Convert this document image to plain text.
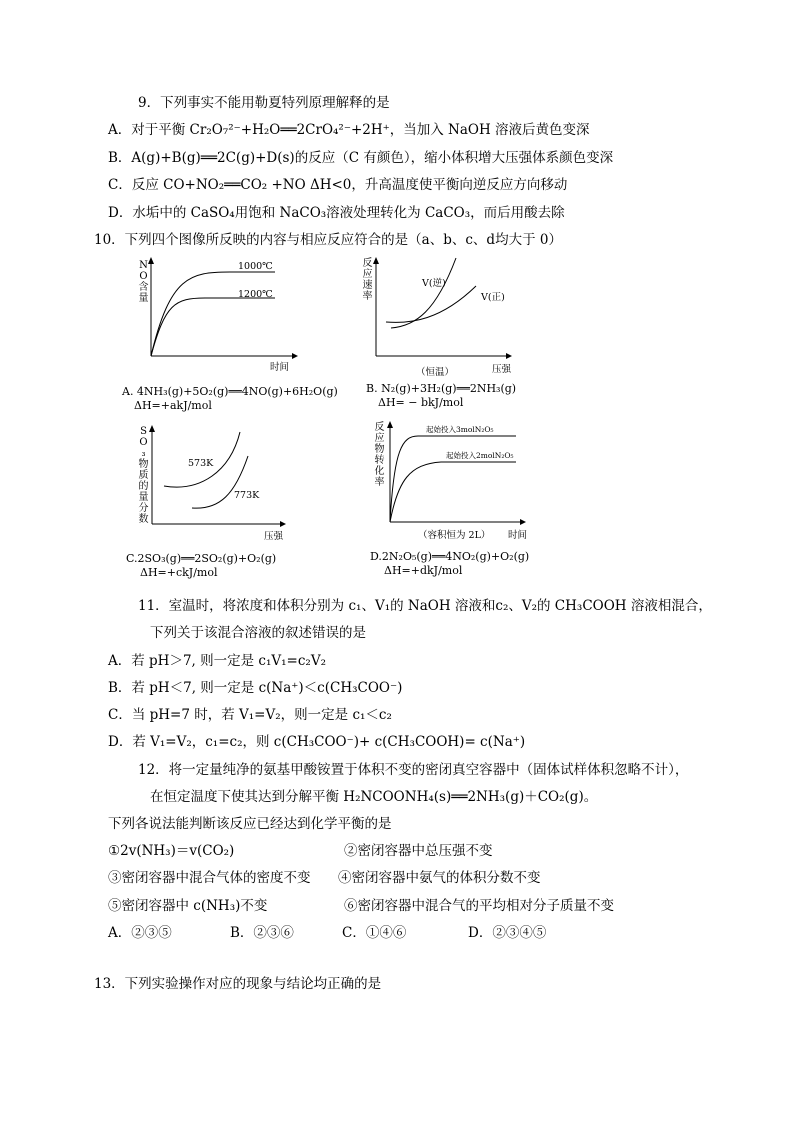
9．下列事实不能用勒夏特列原理解释的是
A．对于平衡 Cr₂O₇²⁻+H₂O══2CrO₄²⁻+2H⁺，当加入 NaOH 溶液后黄色变深
B．A(g)+B(g)══2C(g)+D(s)的反应（C 有颜色），缩小体积增大压强体系颜色变深
C．反应 CO+NO₂══CO₂ +NO ΔH<0，升高温度使平衡向逆反应方向移动
D．水垢中的 CaSO₄用饱和 NaCO₃溶液处理转化为 CaCO₃，而后用酸去除
10．下列四个图像所反映的内容与相应反应符合的是（a、b、c、d均大于 0）
NO含量
1000℃
1200℃
时间
A. 4NH₃(g)+5O₂(g)══4NO(g)+6H₂O(g)
ΔH=+akJ/mol
反应速率
V(逆)
V(正)
（恒温）	压强
B. N₂(g)+3H₂(g)══2NH₃(g)
ΔH= − bkJ/mol
SO₃物质的量分数
573K
773K
压强
C.2SO₃(g)══2SO₂(g)+O₂(g)
ΔH=+ckJ/mol
反应物转化率
起始投入3molN₂O₅
起始投入2molN₂O₅
（容积恒为 2L） 时间
D.2N₂O₅(g)══4NO₂(g)+O₂(g)
ΔH=+dkJ/mol
11．室温时，将浓度和体积分别为 c₁、V₁的 NaOH 溶液和c₂、V₂的 CH₃COOH 溶液相混合，
下列关于该混合溶液的叙述错误的是
A．若 pH＞7, 则一定是 c₁V₁=c₂V₂
B．若 pH＜7, 则一定是 c(Na⁺)＜c(CH₃COO⁻)
C．当 pH=7 时，若 V₁=V₂，则一定是 c₁＜c₂
D．若 V₁=V₂，c₁=c₂，则 c(CH₃COO⁻)+ c(CH₃COOH)= c(Na⁺)
12．将一定量纯净的氨基甲酸铵置于体积不变的密闭真空容器中（固体试样体积忽略不计），
在恒定温度下使其达到分解平衡 H₂NCOONH₄(s)══2NH₃(g)＋CO₂(g)。
下列各说法能判断该反应已经达到化学平衡的是
①2v(NH₃)＝v(CO₂)	②密闭容器中总压强不变
③密闭容器中混合气体的密度不变 ④密闭容器中氨气的体积分数不变
⑤密闭容器中 c(NH₃)不变	⑥密闭容器中混合气的平均相对分子质量不变
A．②③⑤	B．②③⑥	C．①④⑥	D．②③④⑤
13．下列实验操作对应的现象与结论均正确的是
